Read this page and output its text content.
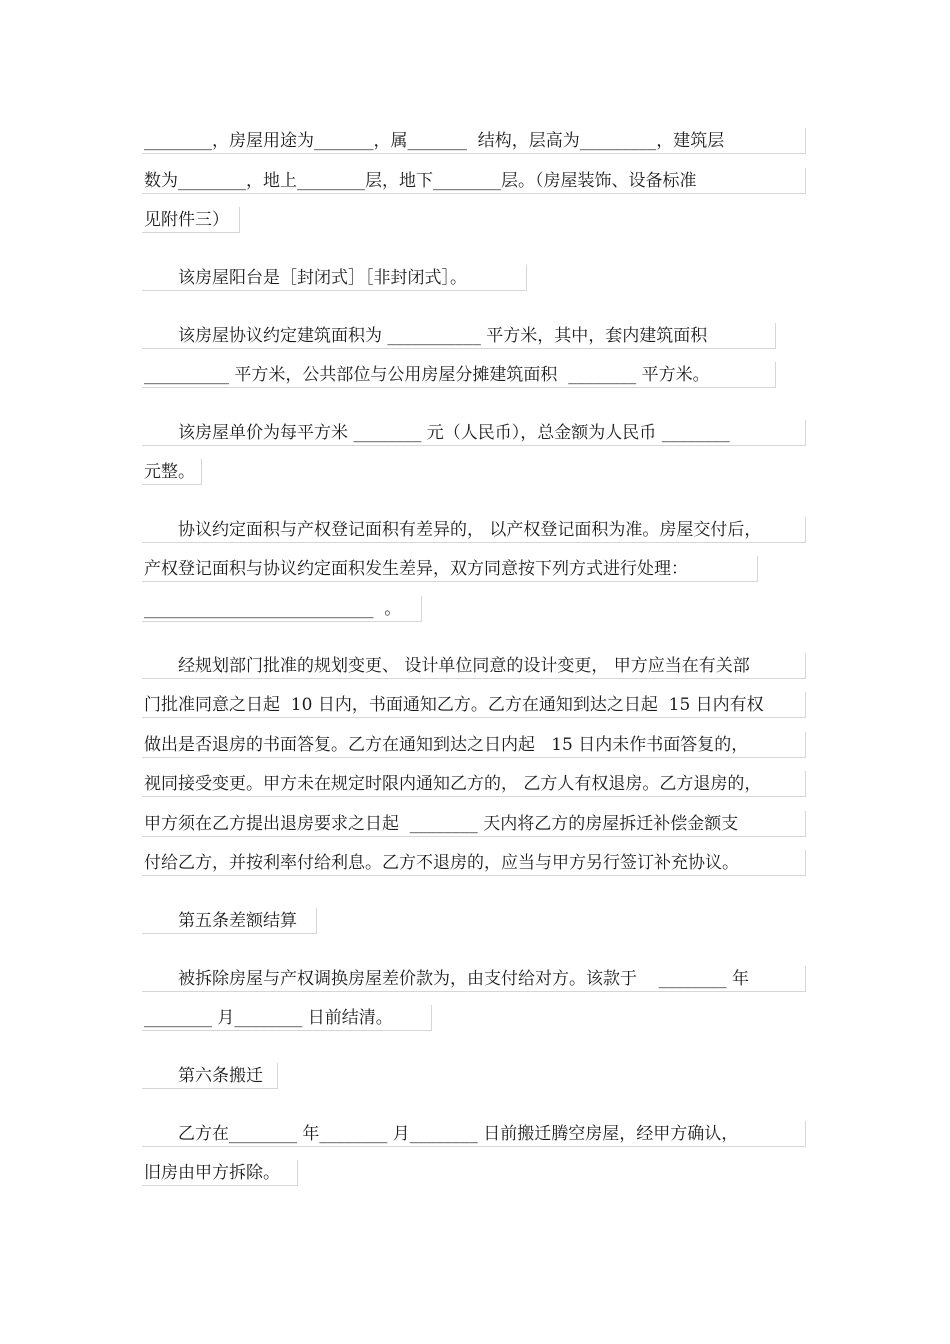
________，房屋用途为_______，属_______  结构，层高为_________，建筑层
数为________，地上________层，地下________层。（房屋装饰、设备标准
见附件三）
　　该房屋阳台是［封闭式］［非封闭式］。
　　该房屋协议约定建筑面积为 ___________ 平方米，其中，套内建筑面积
__________ 平方米，公共部位与公用房屋分摊建筑面积  ________ 平方米。
　　该房屋单价为每平方米 ________ 元（人民币），总金额为人民币 ________
元整。
　　协议约定面积与产权登记面积有差异的， 以产权登记面积为准。房屋交付后，
产权登记面积与协议约定面积发生差异，双方同意按下列方式进行处理：
___________________________  。
　　经规划部门批准的规划变更、 设计单位同意的设计变更， 甲方应当在有关部
门批准同意之日起  10 日内，书面通知乙方。乙方在通知到达之日起  15 日内有权
做出是否退房的书面答复。乙方在通知到达之日内起   15 日内未作书面答复的，
视同接受变更。甲方未在规定时限内通知乙方的， 乙方人有权退房。乙方退房的，
甲方须在乙方提出退房要求之日起  ________ 天内将乙方的房屋拆迁补偿金额支
付给乙方，并按利率付给利息。乙方不退房的，应当与甲方另行签订补充协议。
　　第五条差额结算
　　被拆除房屋与产权调换房屋差价款为，由支付给对方。该款于    ________ 年
________ 月________ 日前结清。
　　第六条搬迁
　　乙方在________ 年________ 月________ 日前搬迁腾空房屋，经甲方确认，
旧房由甲方拆除。
